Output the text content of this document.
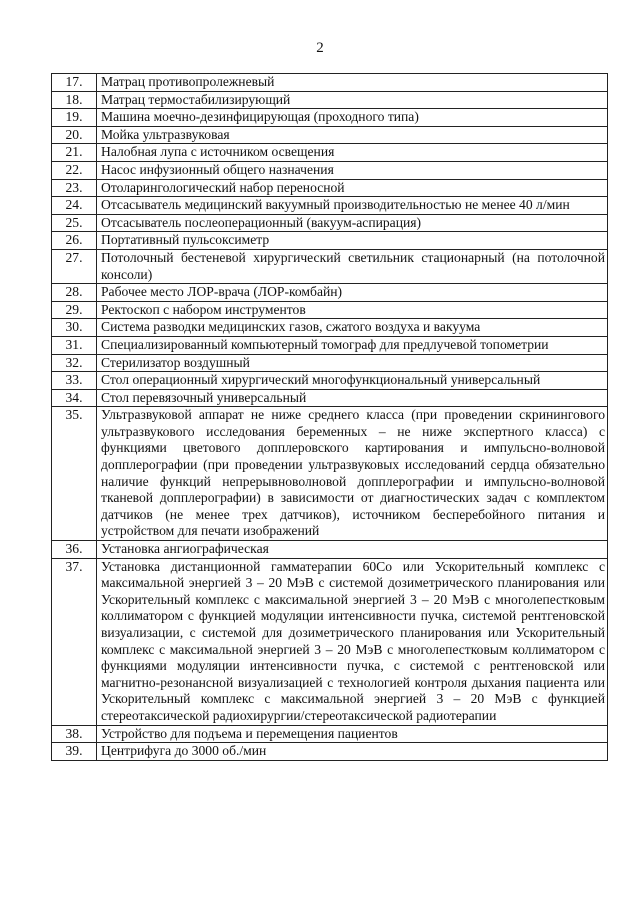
2
17.	Матрац противопролежневый
18.	Матрац термостабилизирующий
19.	Машина моечно-дезинфицирующая (проходного типа)
20.	Мойка ультразвуковая
21.	Налобная лупа с источником освещения
22.	Насос инфузионный общего назначения
23.	Отоларингологический набор переносной
24.	Отсасыватель медицинский вакуумный производительностью не менее 40 л/мин
25.	Отсасыватель послеоперационный (вакуум-аспирация)
26.	Портативный пульсоксиметр
27.	Потолочный бестеневой хирургический светильник стационарный (на потолочной консоли)
28.	Рабочее место ЛОР-врача (ЛОР-комбайн)
29.	Ректоскоп с набором инструментов
30.	Система разводки медицинских газов, сжатого воздуха и вакуума
31.	Специализированный компьютерный томограф для предлучевой топометрии
32.	Стерилизатор воздушный
33.	Стол операционный хирургический многофункциональный универсальный
34.	Стол перевязочный универсальный
35.	Ультразвуковой аппарат не ниже среднего класса (при проведении скринингового ультразвукового исследования беременных – не ниже экспертного класса) с функциями цветового допплеровского картирования и импульсно-волновой допплерографии (при проведении ультразвуковых исследований сердца обязательно наличие функций непрерывноволновой допплерографии и импульсно-волновой тканевой допплерографии) в зависимости от диагностических задач с комплектом датчиков (не менее трех датчиков), источником бесперебойного питания и устройством для печати изображений
36.	Установка ангиографическая
37.	Установка дистанционной гамматерапии 60Со или Ускорительный комплекс с максимальной энергией 3 – 20 МэВ с системой дозиметрического планирования или Ускорительный комплекс с максимальной энергией 3 – 20 МэВ с многолепестковым коллиматором с функцией модуляции интенсивности пучка, системой рентгеновской визуализации, с системой для дозиметрического планирования или Ускорительный комплекс с максимальной энергией 3 – 20 МэВ с многолепестковым коллиматором с функциями модуляции интенсивности пучка, с системой с рентгеновской или магнитно-резонансной визуализацией с технологией контроля дыхания пациента или Ускорительный комплекс с максимальной энергией 3 – 20 МэВ с функцией стереотаксической радиохирургии/стереотаксической радиотерапии
38.	Устройство для подъема и перемещения пациентов
39.	Центрифуга до 3000 об./мин
